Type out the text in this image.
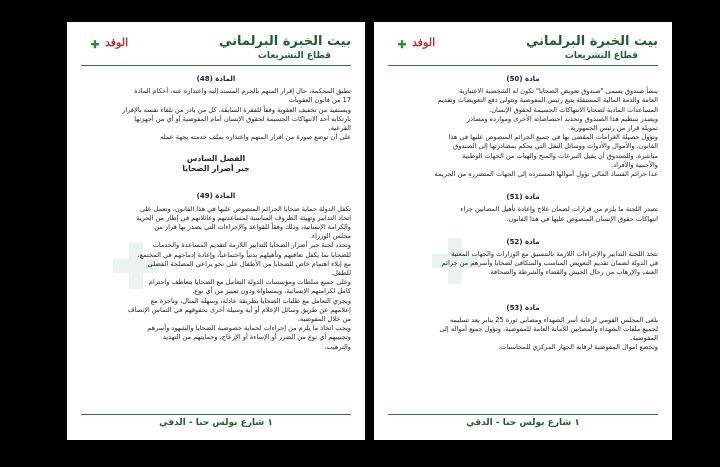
بيت الخبرة البرلماني
قطاع التشريعات
الوفد
المادة (48)

تطبق المحكمة، حال إقرار المتهم بالجرم المسند إليه واعتذاره عنه، أحكام المادة

17 من قانون العقوبات

ويستفيد من تخفيف العقوبة وفقاً للفقرة السابقة، كل من بادر من تلقاء نفسه بالإقرار

بارتكابه أحد الانتهاكات الجسيمة لحقوق الإنسان أمام المفوضية أو أي من أجهزتها

الفرعية.

على أن توضع صورة من اقرار المتهم واعتذاره بملف خدمته بجهة عمله

الفصل السادس
جبر أضرار الضحايا
المادة (49)

تكفل الدولة حماية ضحايا الجرائم المنصوص عليها في هذا القانون، وتعمل على

اتخاذ التدابير وتهيئة الظروف المناسبة لمساعدتهم وعائلاتهم في إطار من الحرية

والكرامة الإنسانية، وذلك وفقاً للقواعد والإجراءات التي يصدر بها قرار من

مجلس الوزراء.

وتحدد لجنة جبر أضرار الضحايا التدابير اللازمة لتقديم المساعدة والخدمات

للضحايا بما يكفل تعافيهم وتأهيلهم بدنياً واجتماعياً، وإعادة إدماجهم في المجتمع،

مع إيلاء اهتمام خاص للضحايا من الأطفال على نحو يراعي المصلحة الفضلى

للطفل.

وعلى جميع سلطات ومؤسسات الدولة التعامل مع الضحايا بتعاطف واحترام

كامل لكرامتهم الإنسانية، وبمساواة ودون تمييز من أي نوع.

ويجري التعامل مع طلبات الضحايا بطريقة عادلة، وسهلة المنال، وناجزة مع

إعلامهم عن طريق وسائل الإعلام أو أية وسيلة أخرى بحقوقهم في التماس الإنصاف

من خلال المفوضية.

ويجب اتخاذ ما يلزم من إجراءات لحماية خصوصية الضحايا والشهود وأسرهم

وتجنيبهم أي نوع من الضرر أو الإساءة أو الإزعاج، وحمايتهم من التهديد

والترهيب.

١ شارع بولس حنا - الدقي
بيت الخبرة البرلماني
قطاع التشريعات
الوفد
مادة (50)

ينشأ صندوق يسمى "صندوق تعويض الضحايا" تكون له الشخصية الاعتبارية

العامة والذمة المالية المستقلة يتبع رئيس المفوضية ويتولى دفع التعويضات وتقديم

المساعدات المادية لضحايا الانتهاكات الجسيمة لحقوق الإنسان.

ويصدر بتنظيم هذا الصندوق وتحديد اختصاصاته الأخرى وموارده ومصادر

تمويله قرار من رئيس الجمهورية.

وتؤول حصيلة الغرامات المقضى بها في جميع الجرائم المنصوص عليها في هذا

القانون، والأموال والأدوات ووسائل النقل التي يحكم بمصادرتها إلى الصندوق

مباشرة. وللصندوق أن يقبل التبرعات والمنح والهبات من الجهات الوطنية

والأجنبية والأفراد.

عدا جرائم الفساد المالي تؤول أموالها المسترده إلى الجهات المتضرره من الجريمة

مادة (51)

تصدر اللجنة ما يلزم من قرارات لضمان علاج وإعادة تأهيل المصابين جراء

انتهاكات حقوق الإنسان المنصوص عليها في هذا القانون.

مادة (52)

تتخذ اللجنة التدابير والإجراءات اللازمة بالتنسيق مع الوزارات والجهات المعنية

في الدولة لضمان تقديم التعويض المناسب والمتكافئ لضحايا وأسرهم من جرائم

العنف والإرهاب من رجال الجيش والقضاء والشرطة والصحافة.

مادة (53)

يلغى المجلس القومي لرعاية أسر الشهداء ومصابي ثورة 25 يناير بعد تسليمه

لجميع ملفات الشهداء والمصابين للأمانة العامة للمفوضية، وتؤول جميع أمواله إلى

المفوضية.

وتخضع اموال المفوضية لرقابة الجهاز المركزي للمحاسبات.

١ شارع بولس حنا - الدقي
